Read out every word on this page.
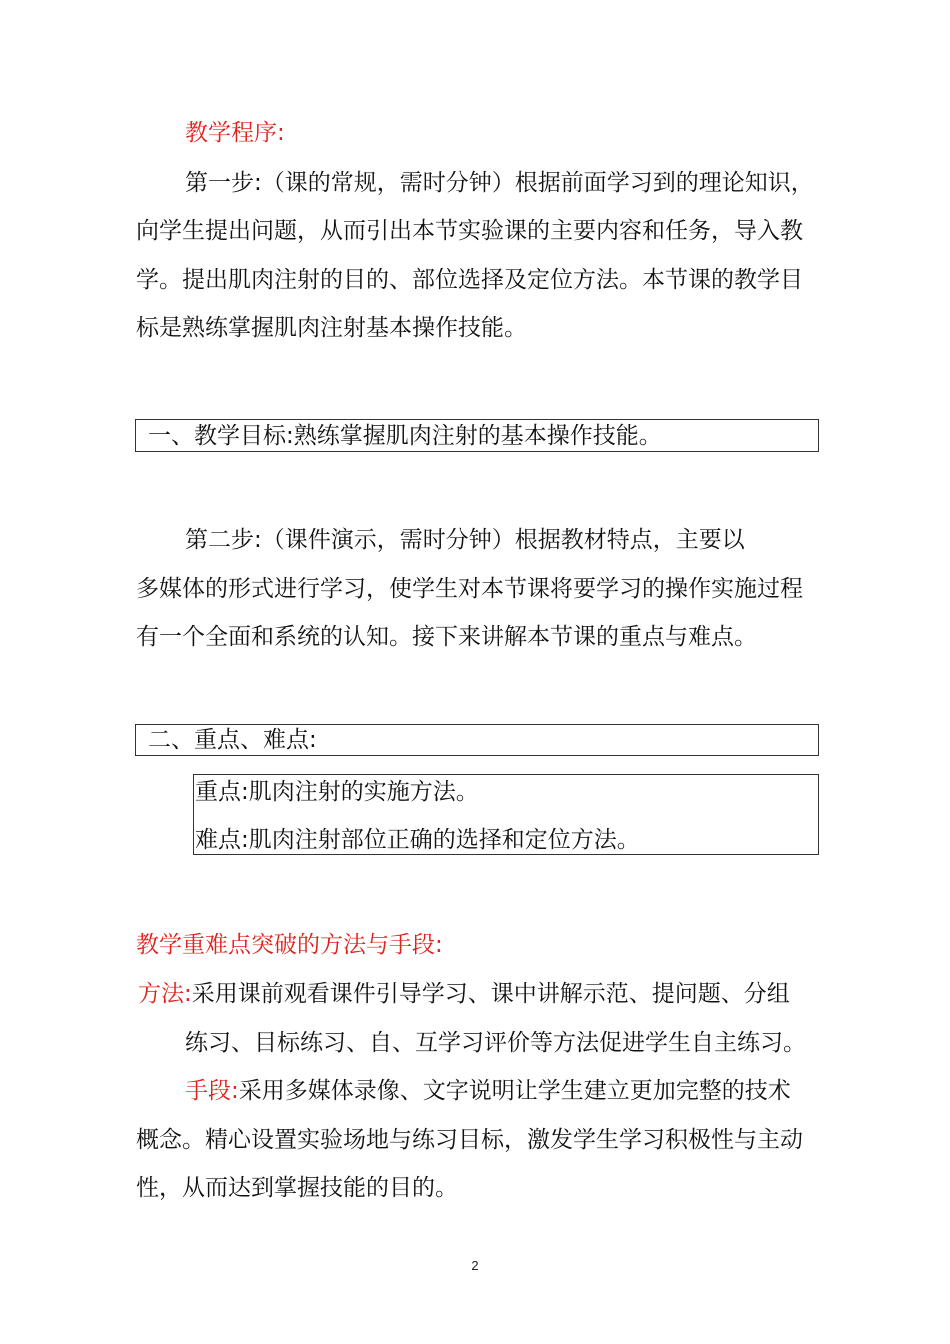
教学程序:
第一步:（课的常规，需时分钟）根据前面学习到的理论知识，
向学生提出问题，从而引出本节实验课的主要内容和任务，导入教
学。提出肌肉注射的目的、部位选择及定位方法。本节课的教学目
标是熟练掌握肌肉注射基本操作技能。
一、教学目标:熟练掌握肌肉注射的基本操作技能。
第二步:（课件演示，需时分钟）根据教材特点，主要以
多媒体的形式进行学习，使学生对本节课将要学习的操作实施过程
有一个全面和系统的认知。接下来讲解本节课的重点与难点。
二、重点、难点:
重点:肌肉注射的实施方法。
难点:肌肉注射部位正确的选择和定位方法。
教学重难点突破的方法与手段:
方法:采用课前观看课件引导学习、课中讲解示范、提问题、分组
练习、目标练习、自、互学习评价等方法促进学生自主练习。
手段:采用多媒体录像、文字说明让学生建立更加完整的技术
概念。精心设置实验场地与练习目标，激发学生学习积极性与主动
性，从而达到掌握技能的目的。
2
